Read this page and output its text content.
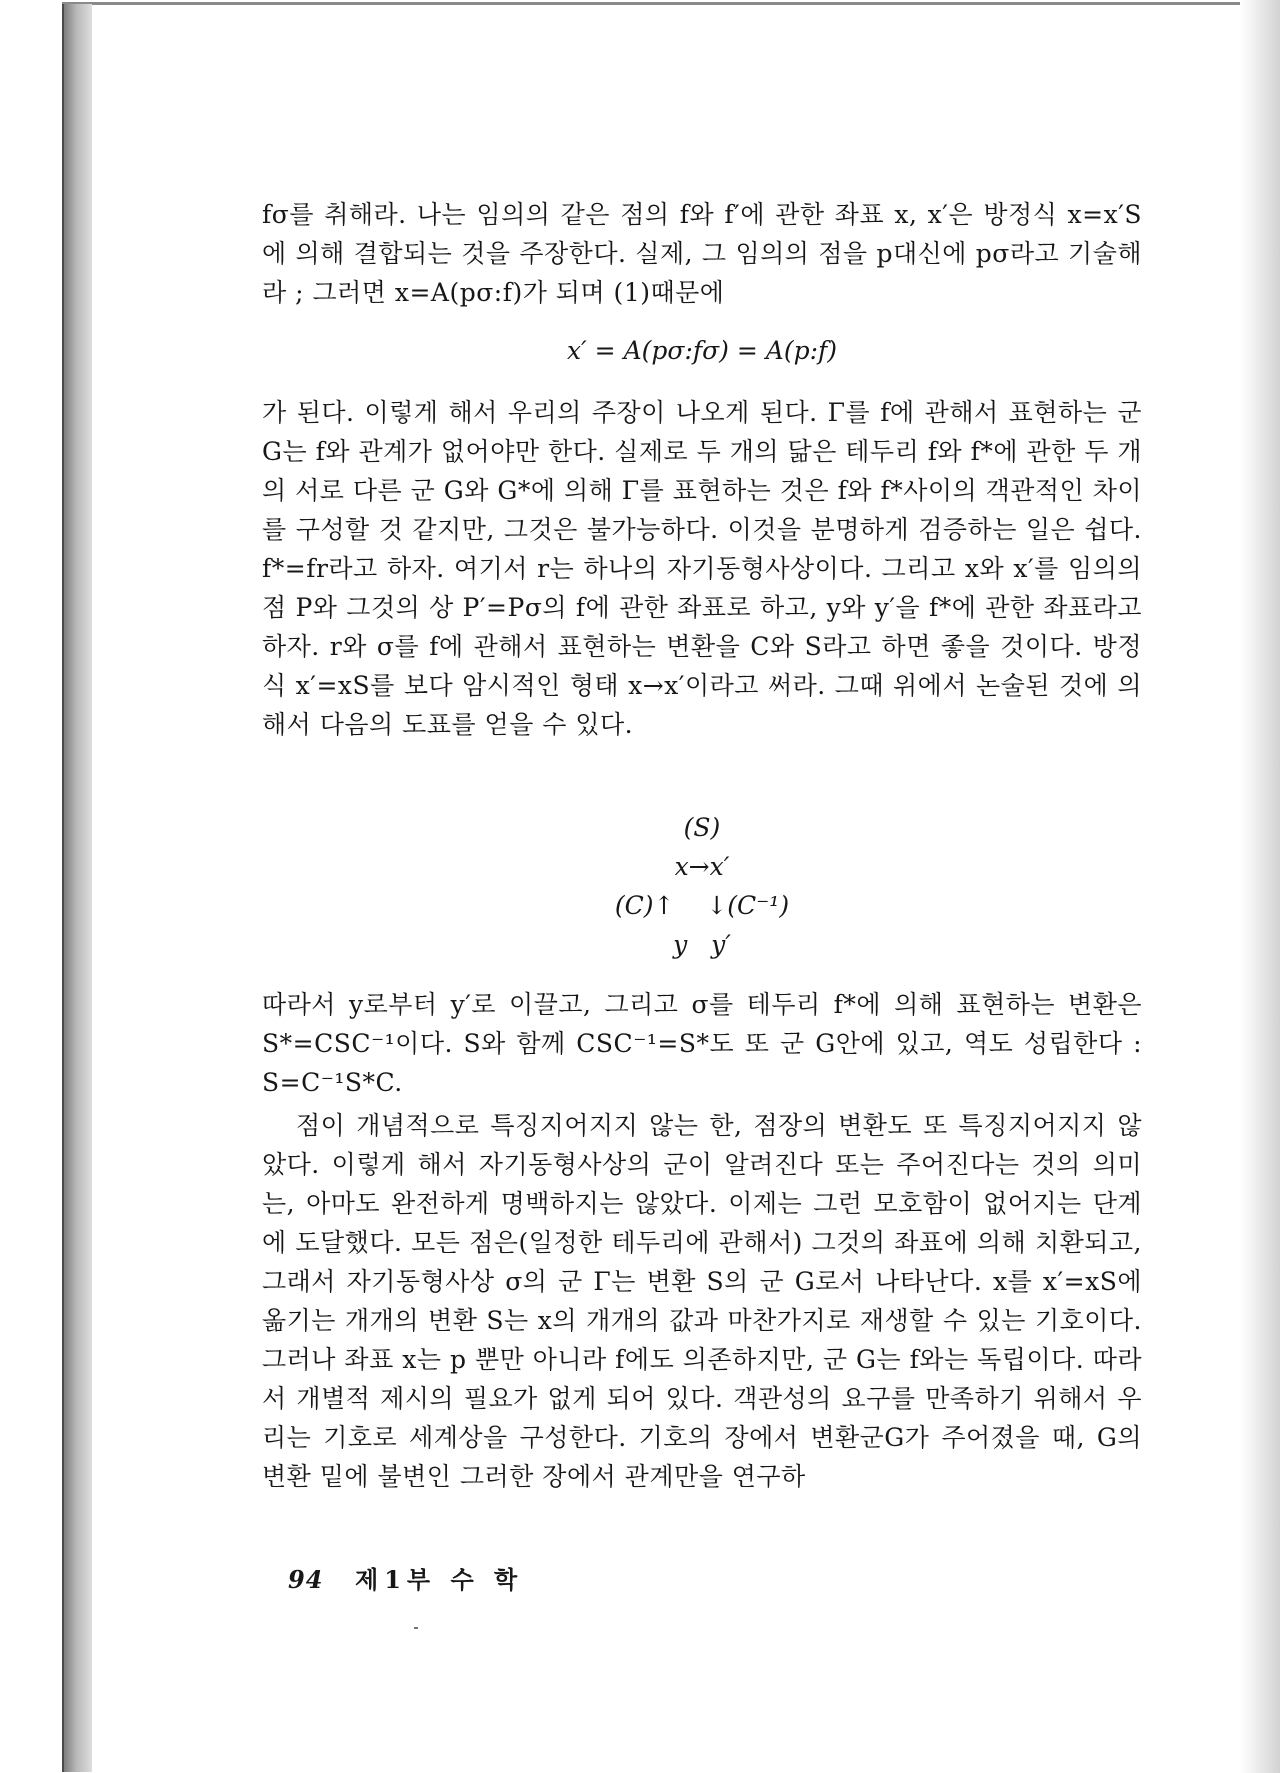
fσ를 취해라. 나는 임의의 같은 점의 f와 f′에 관한 좌표 x, x′은 방정식 x=x′S에 의해 결합되는 것을 주장한다. 실제, 그 임의의 점을 p대신에 pσ라고 기술해라 ; 그러면 x=A(pσ:f)가 되며 (1)때문에

x′ = A(pσ:fσ) = A(p:f)

가 된다. 이렇게 해서 우리의 주장이 나오게 된다. Γ를 f에 관해서 표현하는 군 G는 f와 관계가 없어야만 한다. 실제로 두 개의 닮은 테두리 f와 f*에 관한 두 개의 서로 다른 군 G와 G*에 의해 Γ를 표현하는 것은 f와 f*사이의 객관적인 차이를 구성할 것 같지만, 그것은 불가능하다. 이것을 분명하게 검증하는 일은 쉽다. f*=fr라고 하자. 여기서 r는 하나의 자기동형사상이다. 그리고 x와 x′를 임의의 점 P와 그것의 상 P′=Pσ의 f에 관한 좌표로 하고, y와 y′을 f*에 관한 좌표라고 하자. r와 σ를 f에 관해서 표현하는 변환을 C와 S라고 하면 좋을 것이다. 방정식 x′=xS를 보다 암시적인 형태 x→x′이라고 써라. 그때 위에서 논술된 것에 의해서 다음의 도표를 얻을 수 있다.

(S)
x→x′
(C)↑    ↓(C⁻¹)
y   y′

따라서 y로부터 y′로 이끌고, 그리고 σ를 테두리 f*에 의해 표현하는 변환은 S*=CSC⁻¹이다. S와 함께 CSC⁻¹=S*도 또 군 G안에 있고, 역도 성립한다 : S=C⁻¹S*C.

점이 개념적으로 특징지어지지 않는 한, 점장의 변환도 또 특징지어지지 않았다. 이렇게 해서 자기동형사상의 군이 알려진다 또는 주어진다는 것의 의미는, 아마도 완전하게 명백하지는 않았다. 이제는 그런 모호함이 없어지는 단계에 도달했다. 모든 점은(일정한 테두리에 관해서) 그것의 좌표에 의해 치환되고, 그래서 자기동형사상 σ의 군 Γ는 변환 S의 군 G로서 나타난다. x를 x′=xS에 옮기는 개개의 변환 S는 x의 개개의 값과 마찬가지로 재생할 수 있는 기호이다. 그러나 좌표 x는 p 뿐만 아니라 f에도 의존하지만, 군 G는 f와는 독립이다. 따라서 개별적 제시의 필요가 없게 되어 있다. 객관성의 요구를 만족하기 위해서 우리는 기호로 세계상을 구성한다. 기호의 장에서 변환군G가 주어졌을 때, G의 변환 밑에 불변인 그러한 장에서 관계만을 연구하

94 제1부 수 학
